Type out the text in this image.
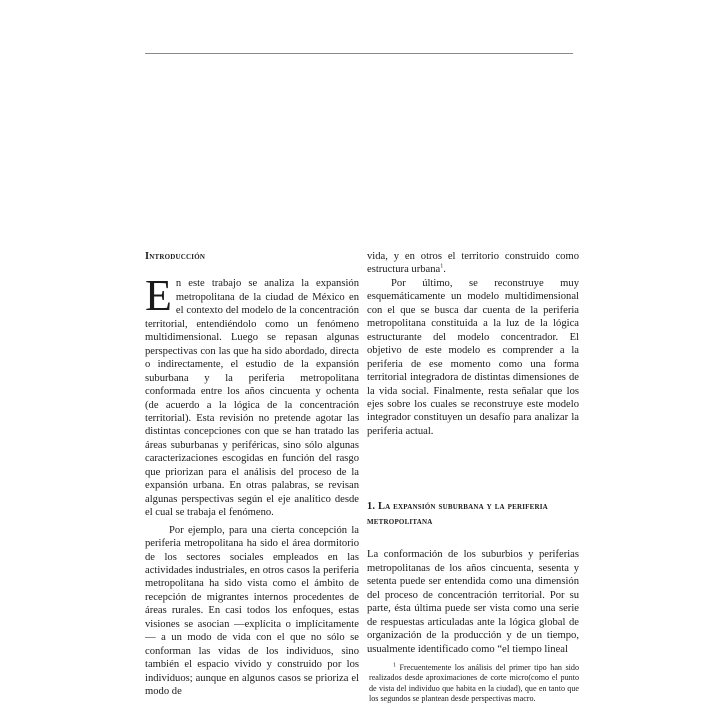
Introducción

En este trabajo se analiza la expansión metropolitana de la ciudad de México en el contexto del modelo de la concentración territorial, entendiéndolo como un fenómeno multidimensional. Luego se repasan algunas perspectivas con las que ha sido abordado, directa o indirectamente, el estudio de la expansión suburbana y la periferia metropolitana conformada entre los años cincuenta y ochenta (de acuerdo a la lógica de la concentración territorial). Esta revisión no pretende agotar las distintas concepciones con que se han tratado las áreas suburbanas y periféricas, sino sólo algunas caracterizaciones escogidas en función del rasgo que priorizan para el análisis del proceso de la expansión urbana. En otras palabras, se revisan algunas perspectivas según el eje analítico desde el cual se trabaja el fenómeno.

Por ejemplo, para una cierta concepción la periferia metropolitana ha sido el área dormitorio de los sectores sociales empleados en las actividades industriales, en otros casos la periferia metropolitana ha sido vista como el ámbito de recepción de migrantes internos procedentes de áreas rurales. En casi todos los enfoques, estas visiones se asocian —explícita o implícitamente— a un modo de vida con el que no sólo se conforman las vidas de los individuos, sino también el espacio vivido y construido por los individuos; aunque en algunos casos se prioriza el modo de

vida, y en otros el territorio construido como estructura urbana$^1$.

Por último, se reconstruye muy esquemáticamente un modelo multidimensional con el que se busca dar cuenta de la periferia metropolitana constituida a la luz de la lógica estructurante del modelo concentrador. El objetivo de este modelo es comprender a la periferia de ese momento como una forma territorial integradora de distintas dimensiones de la vida social. Finalmente, resta señalar que los ejes sobre los cuales se reconstruye este modelo integrador constituyen un desafío para analizar la periferia actual.

1. La expansión suburbana y la periferia metropolitana

La conformación de los suburbios y periferias metropolitanas de los años cincuenta, sesenta y setenta puede ser entendida como una dimensión del proceso de concentración territorial. Por su parte, ésta última puede ser vista como una serie de respuestas articuladas ante la lógica global de organización de la producción y de un tiempo, usualmente identificado como “el tiempo lineal

$^1$ Frecuentemente los análisis del primer tipo han sido realizados desde aproximaciones de corte micro(como el punto de vista del individuo que habita en la ciudad), que en tanto que los segundos se plantean desde perspectivas macro.
